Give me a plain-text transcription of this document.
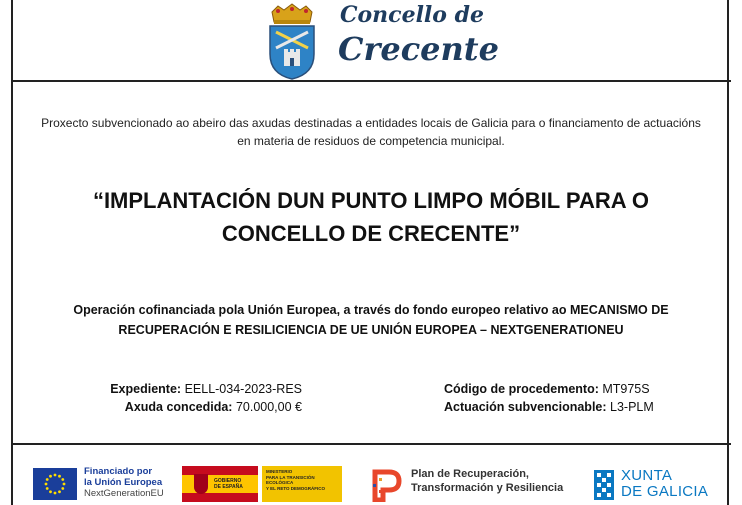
Concello de
Crecente
Proxecto subvencionado ao abeiro das axudas destinadas a entidades locais de Galicia para o financiamento de actuacións en materia de residuos de competencia municipal.
“IMPLANTACIÓN DUN PUNTO LIMPO MÓBIL PARA O CONCELLO DE CRECENTE”
Operación cofinanciada pola Unión Europea, a través do fondo europeo relativo ao MECANISMO DE RECUPERACIÓN E RESILICIENCIA DE UE UNIÓN EUROPEA – NEXTGENERATIONEU
Expediente: EELL-034-2023-RES
Axuda concedida: 70.000,00 €
Código de procedemento: MT975S
Actuación subvencionable: L3-PLM
Financiado por
la Unión Europea
NextGenerationEU
GOBIERNO
DE ESPAÑA
MINISTERIO
PARA LA TRANSICIÓN ECOLÓGICA
Y EL RETO DEMOGRÁFICO
Plan de Recuperación,
Transformación y Resiliencia
XUNTA
DE GALICIA
